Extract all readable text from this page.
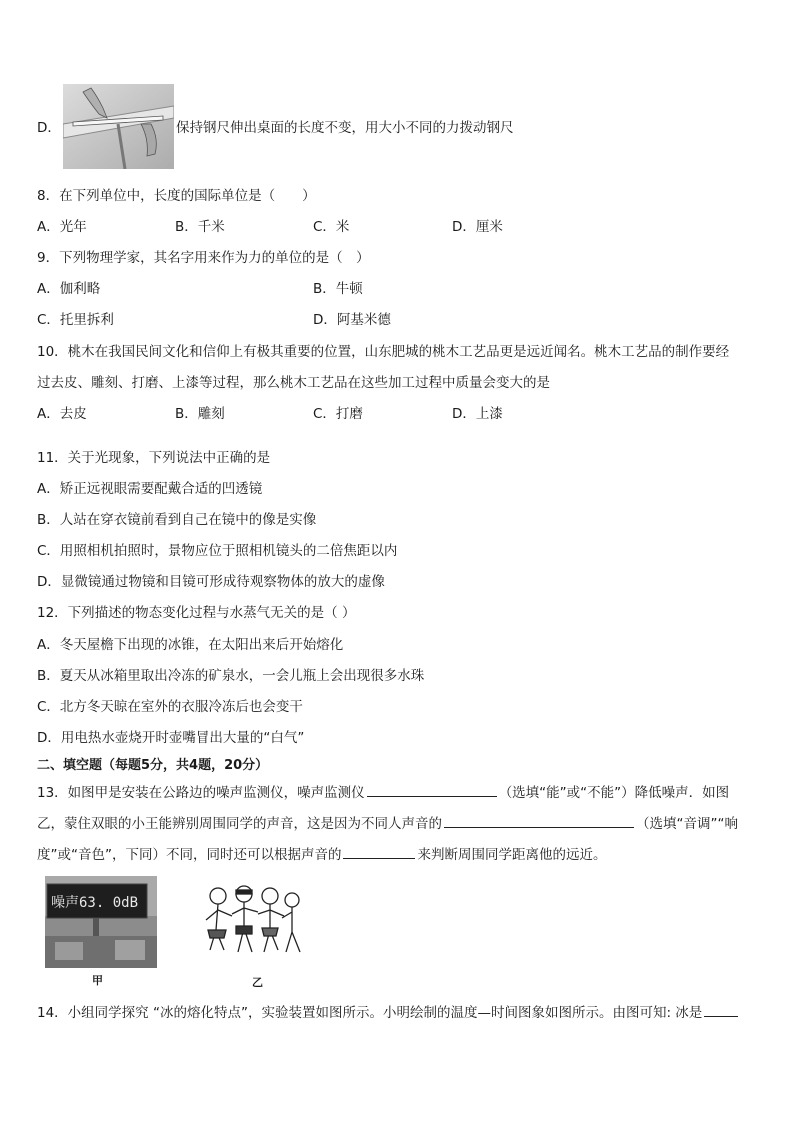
D．	保持钢尺伸出桌面的长度不变，用大小不同的力拨动钢尺
8．在下列单位中，长度的国际单位是（　　）
A．光年	B．千米	C．米	D．厘米
9．下列物理学家，其名字用来作为力的单位的是（　）
A．伽利略	B．牛顿
C．托里拆利	D．阿基米德
10．桃木在我国民间文化和信仰上有极其重要的位置，山东肥城的桃木工艺品更是远近闻名。桃木工艺品的制作要经
过去皮、雕刻、打磨、上漆等过程，那么桃木工艺品在这些加工过程中质量会变大的是
A．去皮	B．雕刻	C．打磨	D．上漆
11．关于光现象，下列说法中正确的是
A．矫正远视眼需要配戴合适的凹透镜
B．人站在穿衣镜前看到自己在镜中的像是实像
C．用照相机拍照时，景物应位于照相机镜头的二倍焦距以内
D．显微镜通过物镜和目镜可形成待观察物体的放大的虚像
12．下列描述的物态变化过程与水蒸气无关的是（ ）
A．冬天屋檐下出现的冰锥，在太阳出来后开始熔化
B．夏天从冰箱里取出冷冻的矿泉水，一会儿瓶上会出现很多水珠
C．北方冬天晾在室外的衣服冷冻后也会变干
D．用电热水壶烧开时壶嘴冒出大量的“白气”
二、填空题（每题5分，共4题，20分）
13．如图甲是安装在公路边的噪声监测仪，噪声监测仪	（选填“能”或“不能”）降低噪声．如图
乙，蒙住双眼的小王能辨别周围同学的声音，这是因为不同人声音的	（选填“音调”“响
度”或“音色”，下同）不同，同时还可以根据声音的	来判断周围同学距离他的远近。
噪声63. 0dB
甲	乙
14．小组同学探究 “冰的熔化特点”，实验装置如图所示。小明绘制的温度—时间图象如图所示。由图可知: 冰是
